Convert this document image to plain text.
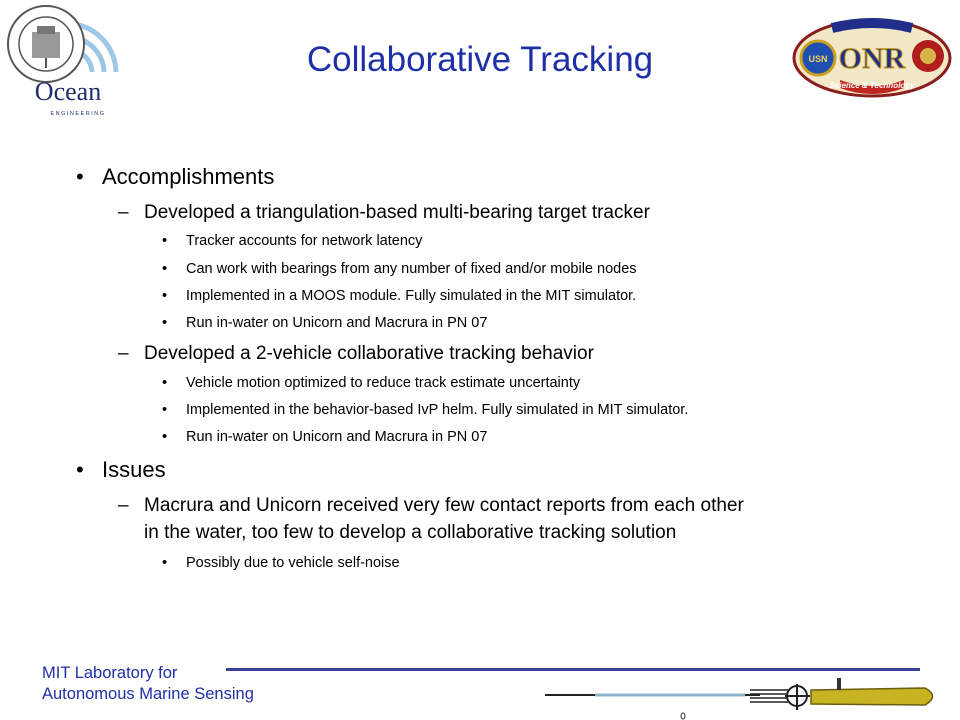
Ocean
ENGINEERING
Collaborative Tracking	USN ONR
Science & Technology
• Accomplishments
– Developed a triangulation-based multi-bearing target tracker
• Tracker accounts for network latency
• Can work with bearings from any number of fixed and/or mobile nodes
• Implemented in a MOOS module. Fully simulated in the MIT simulator.
• Run in-water on Unicorn and Macrura in PN 07
– Developed a 2-vehicle collaborative tracking behavior
• Vehicle motion optimized to reduce track estimate uncertainty
• Implemented in the behavior-based IvP helm. Fully simulated in MIT simulator.
• Run in-water on Unicorn and Macrura in PN 07
• Issues
– Macrura and Unicorn received very few contact reports from each other
in the water, too few to develop a collaborative tracking solution
• Possibly due to vehicle self-noise
MIT Laboratory for
Autonomous Marine Sensing
